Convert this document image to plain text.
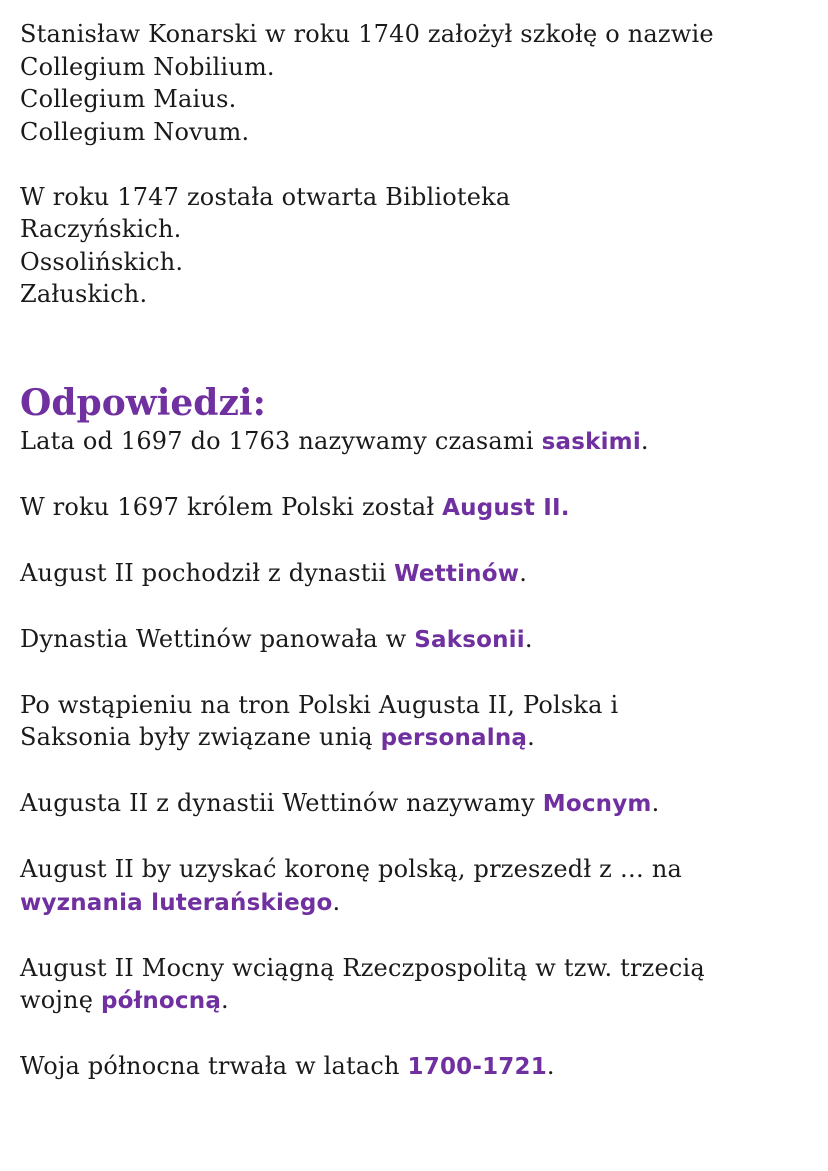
Stanisław Konarski w roku 1740 założył szkołę o nazwie

Collegium Nobilium.

Collegium Maius.

Collegium Novum.

W roku 1747 została otwarta Biblioteka

Raczyńskich.

Ossolińskich.

Załuskich.

Odpowiedzi:

Lata od 1697 do 1763 nazywamy czasami saskimi.

W roku 1697 królem Polski został August II.

August II pochodził z dynastii Wettinów.

Dynastia Wettinów panowała w Saksonii.

Po wstąpieniu na tron Polski Augusta II, Polska i

Saksonia były związane unią personalną.

Augusta II z dynastii Wettinów nazywamy Mocnym.

August II by uzyskać koronę polską, przeszedł z … na

wyznania luterańskiego.

August II Mocny wciągną Rzeczpospolitą w tzw. trzecią

wojnę północną.

Woja północna trwała w latach 1700-1721.
